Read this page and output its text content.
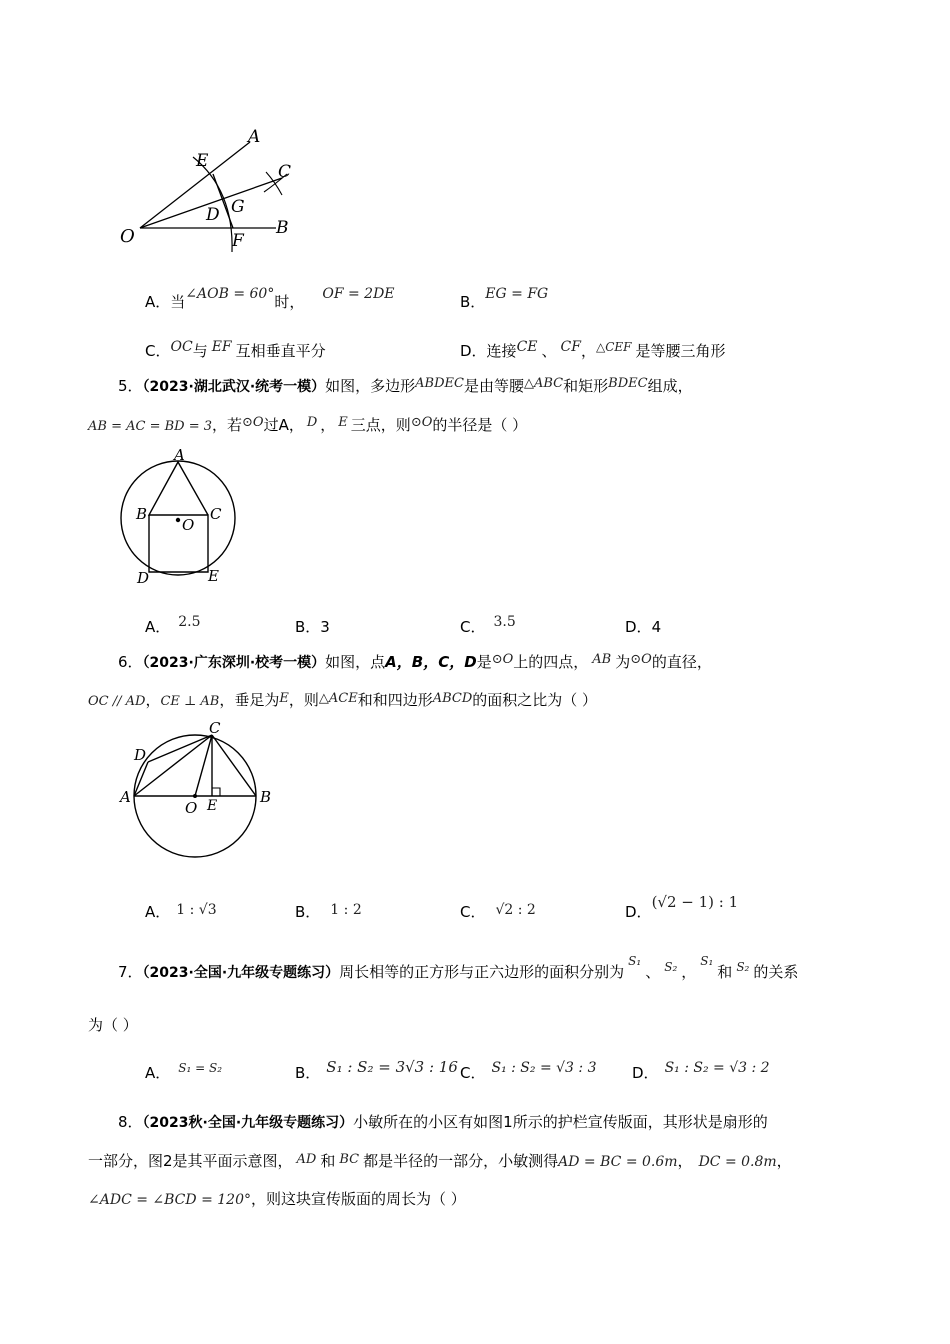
A
C
E
D G
O	F
B
A．当∠AOB = 60°时， OF = 2DE	B．EG = FG
C．OC与 EF 互相垂直平分	D．连接CE 、 CF，$^{\triangle CEF}$ 是等腰三角形
5．（2023·湖北武汉·统考一模）如图，多边形ABDEC是由等腰△ABC和矩形BDEC组成，
AB = AC = BD = 3，若⊙O过A， D ， E 三点，则⊙O的半径是（ ）
A
B	C
O
D	E
A． 2.5	B．3	C． 3.5	D．4
6．（2023·广东深圳·校考一模）如图，点A，B，C，D是⊙O上的四点， AB 为⊙O的直径，
OC // AD，CE ⊥ AB，垂足为E，则△ACE和和四边形ABCD的面积之比为（ ）
C
D
A
O E	B
A． 1 : √3	B． 1 : 2	C． √2 : 2	D．(√2 − 1) : 1
7．（2023·全国·九年级专题练习）周长相等的正方形与正六边形的面积分别为$^{S_1}$、 $^{S_2}$ ，$^{S_1}$和 $^{S_2}$ 的关系
为（ ）
A． $^{S_1 = S_2}$	B． S₁ : S₂ = 3√3 : 16 C． S₁ : S₂ = √3 : 3 D． S₁ : S₂ = √3 : 2
8．（2023秋·全国·九年级专题练习）小敏所在的小区有如图1所示的护栏宣传版面，其形状是扇形的
一部分，图2是其平面示意图， AD 和 BC 都是半径的一部分，小敏测得AD = BC = 0.6m， DC = 0.8m，
∠ADC = ∠BCD = 120°，则这块宣传版面的周长为（ ）
